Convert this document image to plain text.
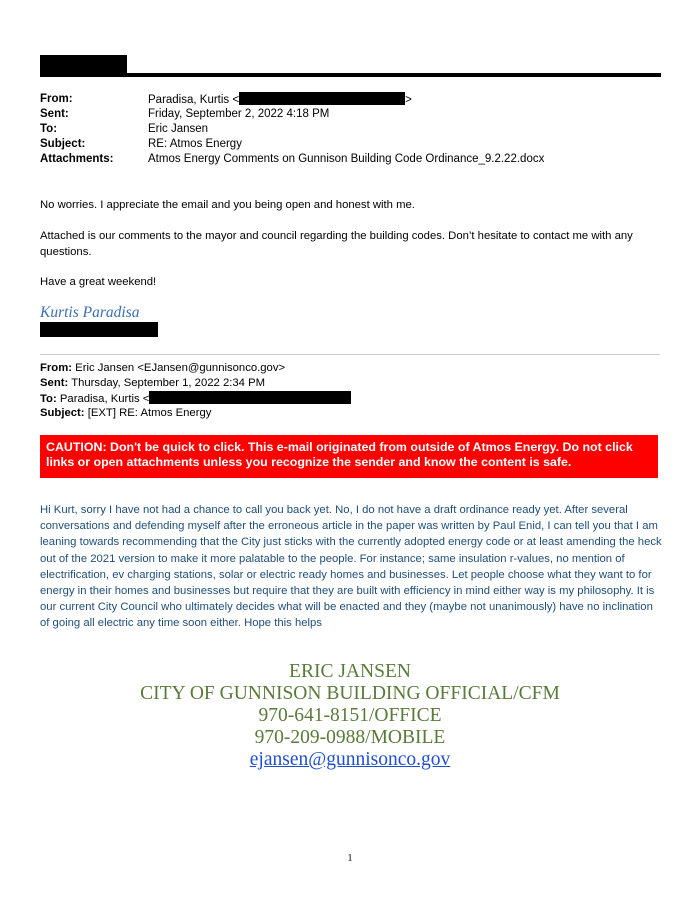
From:	Paradisa, Kurtis <	>
Sent:	Friday, September 2, 2022 4:18 PM
To:	Eric Jansen
Subject:	RE: Atmos Energy
Attachments:	Atmos Energy Comments on Gunnison Building Code Ordinance_9.2.22.docx
No worries. I appreciate the email and you being open and honest with me.
Attached is our comments to the mayor and council regarding the building codes. Don’t hesitate to contact me with any questions.
Have a great weekend!
Kurtis Paradisa
From: Eric Jansen <EJansen@gunnisonco.gov>
Sent: Thursday, September 1, 2022 2:34 PM
To: Paradisa, Kurtis <
Subject: [EXT] RE: Atmos Energy
CAUTION: Don't be quick to click. This e-mail originated from outside of Atmos Energy. Do not click links or open attachments unless you recognize the sender and know the content is safe.
Hi Kurt, sorry I have not had a chance to call you back yet. No, I do not have a draft ordinance ready yet. After several conversations and defending myself after the erroneous article in the paper was written by Paul Enid, I can tell you that I am leaning towards recommending that the City just sticks with the currently adopted energy code or at least amending the heck out of the 2021 version to make it more palatable to the people. For instance; same insulation r-values, no mention of electrification, ev charging stations, solar or electric ready homes and businesses. Let people choose what they want to for energy in their homes and businesses but require that they are built with efficiency in mind either way is my philosophy. It is our current City Council who ultimately decides what will be enacted and they (maybe not unanimously) have no inclination of going all electric any time soon either. Hope this helps
ERIC JANSEN
CITY OF GUNNISON BUILDING OFFICIAL/CFM
970-641-8151/OFFICE
970-209-0988/MOBILE
ejansen@gunnisonco.gov
1
